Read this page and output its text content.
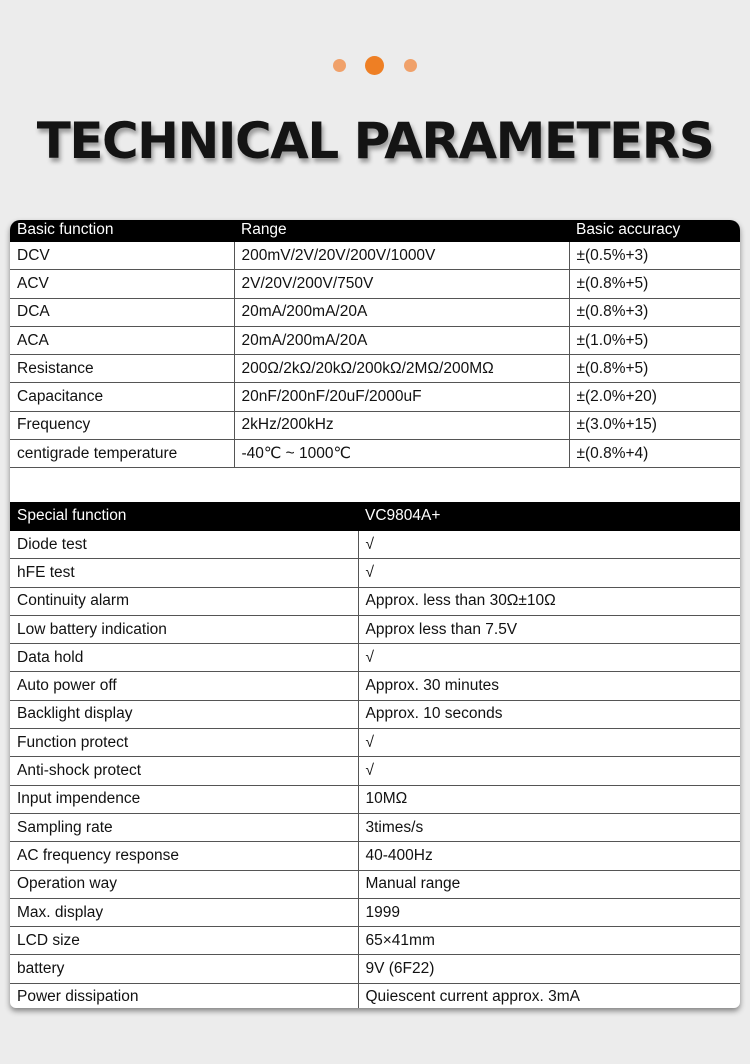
TECHNICAL PARAMETERS
Basic function	Range	Basic accuracy
DCV	200mV/2V/20V/200V/1000V	±(0.5%+3)
ACV	2V/20V/200V/750V	±(0.8%+5)
DCA	20mA/200mA/20A	±(0.8%+3)
ACA	20mA/200mA/20A	±(1.0%+5)
Resistance	200Ω/2kΩ/20kΩ/200kΩ/2MΩ/200MΩ	±(0.8%+5)
Capacitance	20nF/200nF/20uF/2000uF	±(2.0%+20)
Frequency	2kHz/200kHz	±(3.0%+15)
centigrade temperature	-40℃ ~ 1000℃	±(0.8%+4)
Special function	VC9804A+
Diode test	√
hFE test	√
Continuity alarm	Approx. less than 30Ω±10Ω
Low battery indication	Approx less than 7.5V
Data hold	√
Auto power off	Approx. 30 minutes
Backlight display	Approx. 10 seconds
Function protect	√
Anti-shock protect	√
Input impendence	10MΩ
Sampling rate	3times/s
AC frequency response	40-400Hz
Operation way	Manual range
Max. display	1999
LCD size	65×41mm
battery	9V (6F22)
Power dissipation	Quiescent current approx. 3mA
